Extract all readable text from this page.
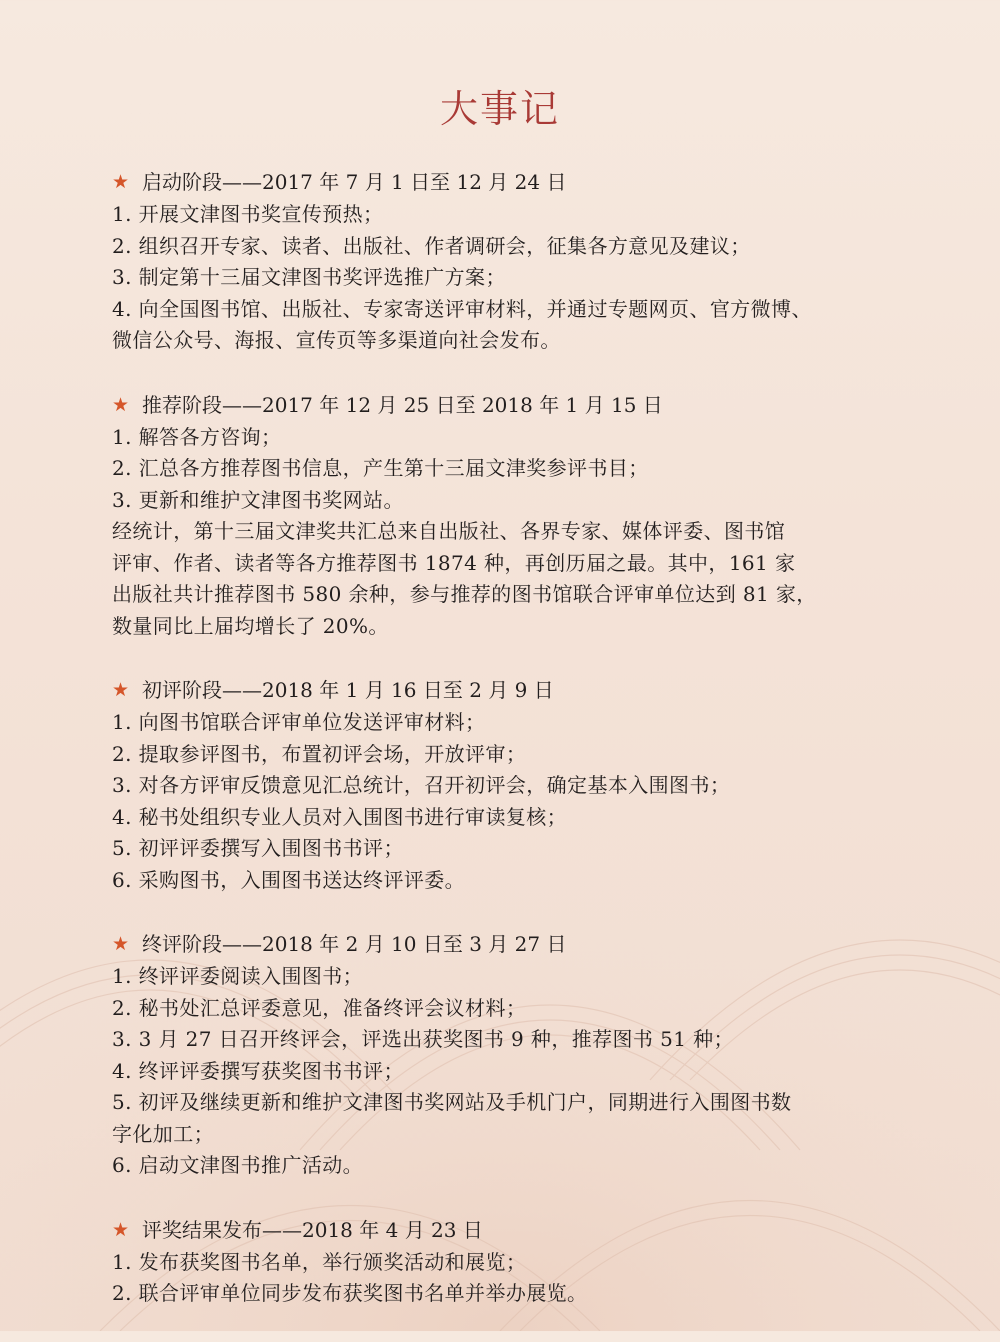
大事记
★ 启动阶段——2017 年 7 月 1 日至 12 月 24 日
1. 开展文津图书奖宣传预热；
2. 组织召开专家、读者、出版社、作者调研会，征集各方意见及建议；
3. 制定第十三届文津图书奖评选推广方案；
4. 向全国图书馆、出版社、专家寄送评审材料，并通过专题网页、官方微博、
微信公众号、海报、宣传页等多渠道向社会发布。
★ 推荐阶段——2017 年 12 月 25 日至 2018 年 1 月 15 日
1. 解答各方咨询；
2. 汇总各方推荐图书信息，产生第十三届文津奖参评书目；
3. 更新和维护文津图书奖网站。
经统计，第十三届文津奖共汇总来自出版社、各界专家、媒体评委、图书馆
评审、作者、读者等各方推荐图书 1874 种，再创历届之最。其中，161 家
出版社共计推荐图书 580 余种，参与推荐的图书馆联合评审单位达到 81 家，
数量同比上届均增长了 20%。
★ 初评阶段——2018 年 1 月 16 日至 2 月 9 日
1. 向图书馆联合评审单位发送评审材料；
2. 提取参评图书，布置初评会场，开放评审；
3. 对各方评审反馈意见汇总统计，召开初评会，确定基本入围图书；
4. 秘书处组织专业人员对入围图书进行审读复核；
5. 初评评委撰写入围图书书评；
6. 采购图书，入围图书送达终评评委。
★ 终评阶段——2018 年 2 月 10 日至 3 月 27 日
1. 终评评委阅读入围图书；
2. 秘书处汇总评委意见，准备终评会议材料；
3. 3 月 27 日召开终评会，评选出获奖图书 9 种，推荐图书 51 种；
4. 终评评委撰写获奖图书书评；
5. 初评及继续更新和维护文津图书奖网站及手机门户，同期进行入围图书数
字化加工；
6. 启动文津图书推广活动。
★ 评奖结果发布——2018 年 4 月 23 日
1. 发布获奖图书名单，举行颁奖活动和展览；
2. 联合评审单位同步发布获奖图书名单并举办展览。
